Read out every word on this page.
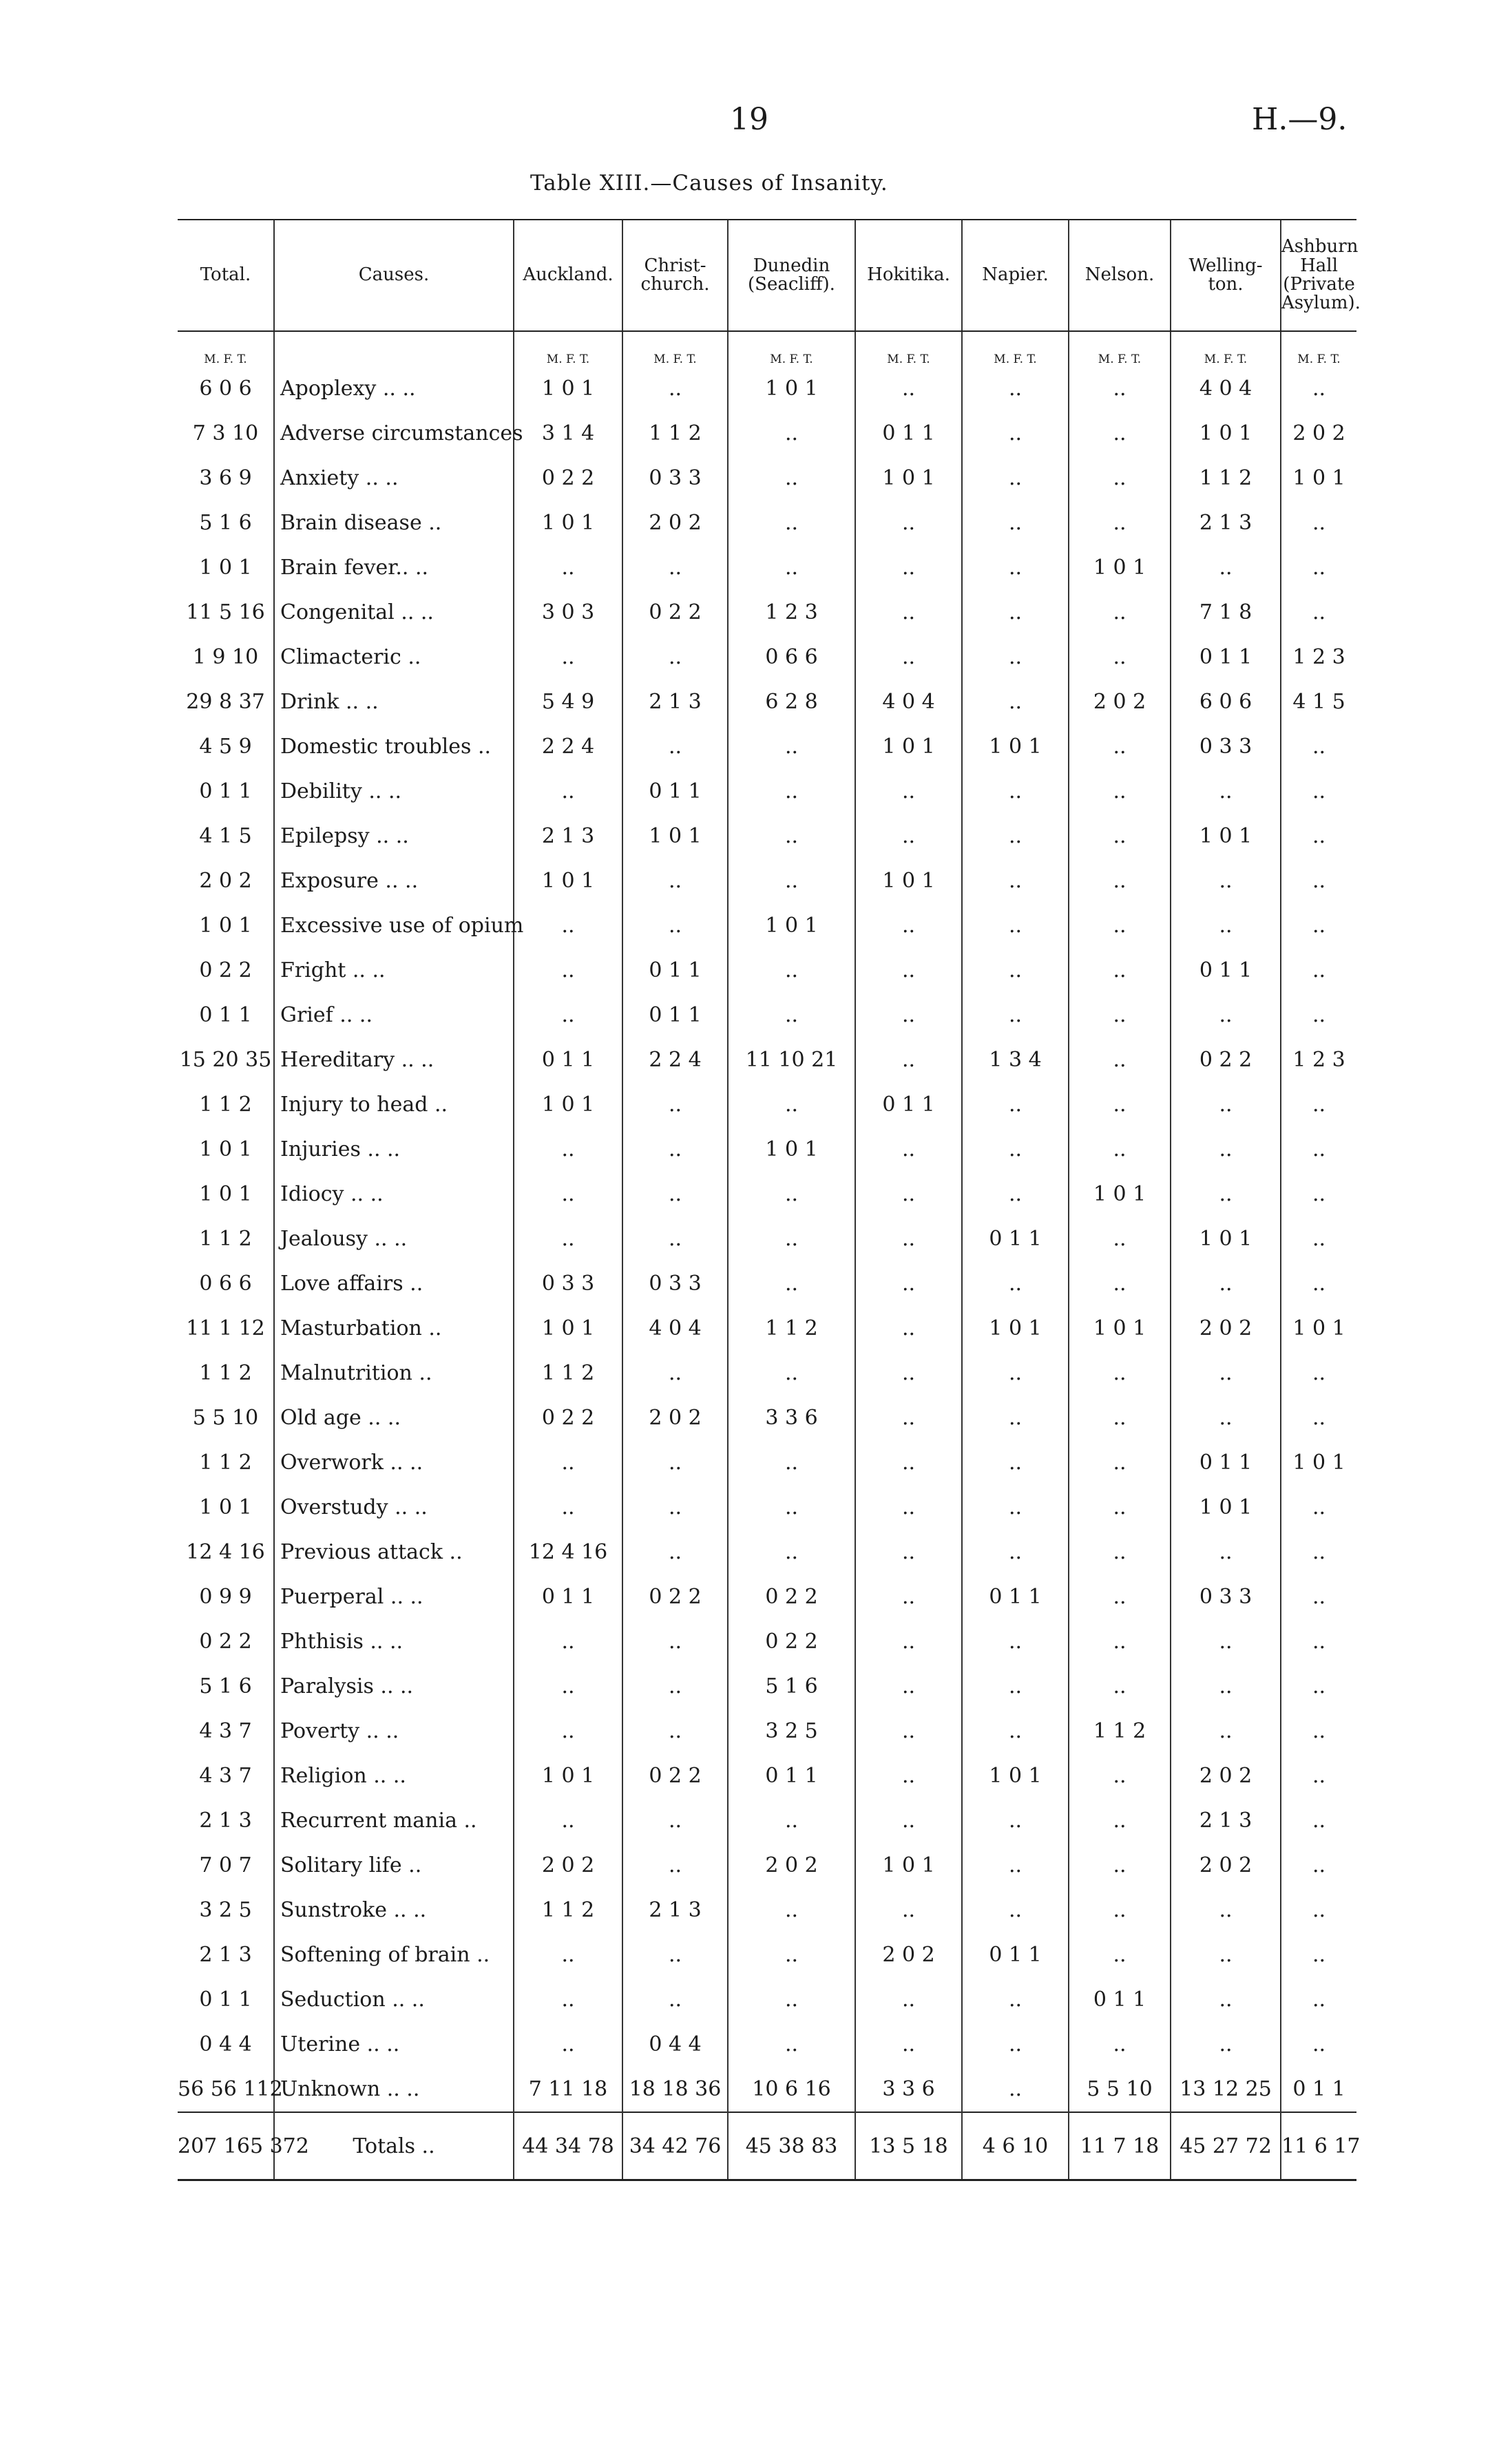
19	H.—9.
Table XIII.—Causes of Insanity.

Total.	Causes.	Auckland.	Christ-church.	Dunedin (Seacliff).	Hokitika.	Napier.	Nelson.	Welling-ton.	Ashburn Hall (Private Asylum).
M. F. T.		M. F. T.	M. F. T.	M. F. T.	M. F. T.	M. F. T.	M. F. T.	M. F. T.	M. F. T.
6 0 6	Apoplexy .. ..	1 0 1	..	1 0 1	..	..	..	4 0 4	..
7 3 10	Adverse circumstances	3 1 4	1 1 2	..	0 1 1	..	..	1 0 1	2 0 2
3 6 9	Anxiety .. ..	0 2 2	0 3 3	..	1 0 1	..	..	1 1 2	1 0 1
5 1 6	Brain disease ..	1 0 1	2 0 2	..	..	..	..	2 1 3	..
1 0 1	Brain fever.. ..	..	..	..	..	..	1 0 1	..	..
11 5 16	Congenital .. ..	3 0 3	0 2 2	1 2 3	..	..	..	7 1 8	..
1 9 10	Climacteric ..	..	..	0 6 6	..	..	..	0 1 1	1 2 3
29 8 37	Drink .. ..	5 4 9	2 1 3	6 2 8	4 0 4	..	2 0 2	6 0 6	4 1 5
4 5 9	Domestic troubles ..	2 2 4	..	..	1 0 1	1 0 1	..	0 3 3	..
0 1 1	Debility .. ..	..	0 1 1	..	..	..	..	..	..
4 1 5	Epilepsy .. ..	2 1 3	1 0 1	..	..	..	..	1 0 1	..
2 0 2	Exposure .. ..	1 0 1	..	..	1 0 1	..	..	..	..
1 0 1	Excessive use of opium	..	..	1 0 1	..	..	..	..	..
0 2 2	Fright .. ..	..	0 1 1	..	..	..	..	0 1 1	..
0 1 1	Grief .. ..	..	0 1 1	..	..	..	..	..	..
15 20 35	Hereditary .. ..	0 1 1	2 2 4	11 10 21	..	1 3 4	..	0 2 2	1 2 3
1 1 2	Injury to head ..	1 0 1	..	..	0 1 1	..	..	..	..
1 0 1	Injuries .. ..	..	..	1 0 1	..	..	..	..	..
1 0 1	Idiocy .. ..	..	..	..	..	..	1 0 1	..	..
1 1 2	Jealousy .. ..	..	..	..	..	0 1 1	..	1 0 1	..
0 6 6	Love affairs ..	0 3 3	0 3 3	..	..	..	..	..	..
11 1 12	Masturbation ..	1 0 1	4 0 4	1 1 2	..	1 0 1	1 0 1	2 0 2	1 0 1
1 1 2	Malnutrition ..	1 1 2	..	..	..	..	..	..	..
5 5 10	Old age .. ..	0 2 2	2 0 2	3 3 6	..	..	..	..	..
1 1 2	Overwork .. ..	..	..	..	..	..	..	0 1 1	1 0 1
1 0 1	Overstudy .. ..	..	..	..	..	..	..	1 0 1	..
12 4 16	Previous attack ..	12 4 16	..	..	..	..	..	..	..
0 9 9	Puerperal .. ..	0 1 1	0 2 2	0 2 2	..	0 1 1	..	0 3 3	..
0 2 2	Phthisis .. ..	..	..	0 2 2	..	..	..	..	..
5 1 6	Paralysis .. ..	..	..	5 1 6	..	..	..	..	..
4 3 7	Poverty .. ..	..	..	3 2 5	..	..	1 1 2	..	..
4 3 7	Religion .. ..	1 0 1	0 2 2	0 1 1	..	1 0 1	..	2 0 2	..
2 1 3	Recurrent mania ..	..	..	..	..	..	..	2 1 3	..
7 0 7	Solitary life ..	2 0 2	..	2 0 2	1 0 1	..	..	2 0 2	..
3 2 5	Sunstroke .. ..	1 1 2	2 1 3	..	..	..	..	..	..
2 1 3	Softening of brain ..	..	..	..	2 0 2	0 1 1	..	..	..
0 1 1	Seduction .. ..	..	..	..	..	..	0 1 1	..	..
0 4 4	Uterine .. ..	..	0 4 4	..	..	..	..	..	..
56 56 112	Unknown .. ..	7 11 18	18 18 36	10 6 16	3 3 6	..	5 5 10	13 12 25	0 1 1
207 165 372	Totals ..	44 34 78	34 42 76	45 38 83	13 5 18	4 6 10	11 7 18	45 27 72	11 6 17
